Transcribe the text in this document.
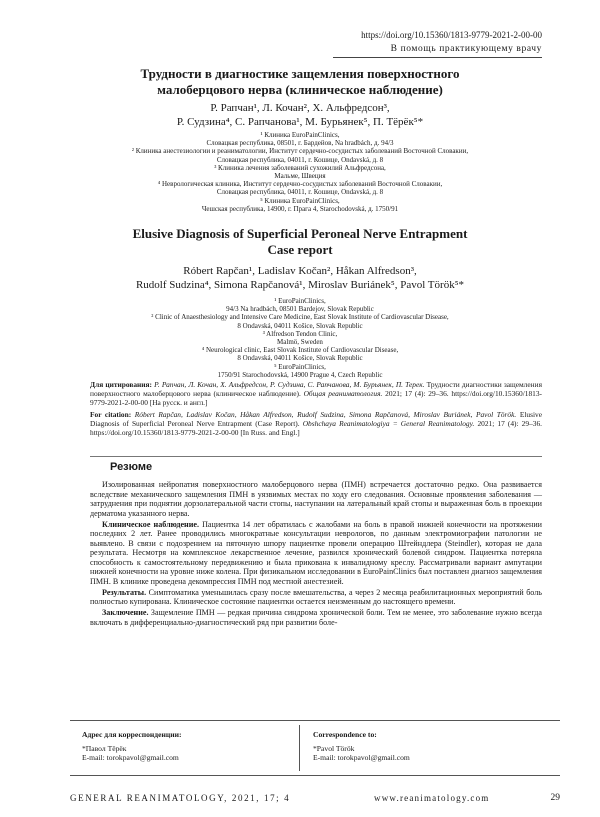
https://doi.org/10.15360/1813-9779-2021-2-00-00
В помощь практикующему врачу
Трудности в диагностике защемления поверхностного
малоберцового нерва (клиническое наблюдение)
Р. Рапчан¹, Л. Кочан², Х. Альфредсон³,
Р. Судзина⁴, С. Рапчанова¹, М. Бурьянек⁵, П. Тёрёк⁵*
¹ Клиника EuroPainClinics,
Словацкая республика, 08501, г. Бардейов, Na hradbách, д. 94/3
² Клиника анестезиологии и реаниматологии, Институт сердечно-сосудистых заболеваний Восточной Словакии,
Словацкая республика, 04011, г. Кошице, Ondavská, д. 8
³ Клиника лечения заболеваний сухожилий Альфредсона,
Мальме, Швеция
⁴ Неврологическая клиника, Институт сердечно-сосудистых заболеваний Восточной Словакии,
Словацкая республика, 04011, г. Кошице, Ondavská, д. 8
⁵ Клиника EuroPainClinics,
Чешская республика, 14900, г. Прага 4, Starochodovská, д. 1750/91
Elusive Diagnosis of Superficial Peroneal Nerve Entrapment
Case report
Róbert Rapčan¹, Ladislav Kočan², Håkan Alfredson³,
Rudolf Sudzina⁴, Simona Rapčanová¹, Miroslav Buriánek⁵, Pavol Török⁵*
¹ EuroPainClinics,
94/3 Na hradbách, 08501 Bardejov, Slovak Republic
² Clinic of Anaesthesiology and Intensive Care Medicine, East Slovak Institute of Cardiovascular Disease,
8 Ondavská, 04011 Košice, Slovak Republic
³ Alfredson Tendon Clinic,
Malmö, Sweden
⁴ Neurological clinic, East Slovak Institute of Cardiovascular Disease,
8 Ondavská, 04011 Košice, Slovak Republic
⁵ EuroPainClinics,
1750/91 Starochodovská, 14900 Prague 4, Czech Republic
Для цитирования: Р. Рапчан, Л. Кочан, Х. Альфредсон, Р. Судзина, С. Рапчанова, М. Бурьянек, П. Терек. Трудности диагностики защемления поверхностного малоберцового нерва (клиническое наблюдение). Общая реаниматология. 2021; 17 (4): 29–36. https://doi.org/10.15360/1813-9779-2021-2-00-00 [На русск. и англ.]
For citation: Róbert Rapčan, Ladislav Kočan, Håkan Alfredson, Rudolf Sudzina, Simona Rapčanová, Miroslav Buriánek, Pavol Török. Elusive Diagnosis of Superficial Peroneal Nerve Entrapment (Case Report). Obshchaya Reanimatologiya = General Reanimatology. 2021; 17 (4): 29–36. https://doi.org/10.15360/1813-9779-2021-2-00-00 [In Russ. and Engl.]
Резюме

Изолированная нейропатия поверхностного малоберцового нерва (ПМН) встречается достаточно редко. Она развивается вследствие механического защемления ПМН в уязвимых местах по ходу его следования. Основные проявления заболевания — затруднения при поднятии дорзолатеральной части стопы, наступании на латеральный край стопы и выраженная боль в проекции дерматома указанного нерва.

Клиническое наблюдение. Пациентка 14 лет обратилась с жалобами на боль в правой нижней конечности на протяжении последних 2 лет. Ранее проводились многократные консультации неврологов, по данным электромиографии патологии не выявлено. В связи с подозрением на пяточную шпору пациентке провели операцию Штейндлера (Steindler), которая не дала результата. Несмотря на комплексное лекарственное лечение, развился хронический болевой синдром. Пациентка потеряла способность к самостоятельному передвижению и была прикована к инвалидному креслу. Рассматривали вариант ампутации нижней конечности на уровне ниже колена. При физикальном исследовании в EuroPainClinics был поставлен диагноз защемления ПМН. В клинике проведена декомпрессия ПМН под местной анестезией.

Результаты. Симптоматика уменьшилась сразу после вмешательства, а через 2 месяца реабилитационных мероприятий боль полностью купирована. Клиническое состояние пациентки остается неизменным до настоящего времени.

Заключение. Защемление ПМН — редкая причина синдрома хронической боли. Тем не менее, это заболевание нужно всегда включать в дифференциально-диагностический ряд при развитии боле-

Адрес для корреспонденции:
*Павол Тёрёк
E-mail: torokpavol@gmail.com
Correspondence to:
*Pavol Török
E-mail: torokpavol@gmail.com
GENERAL REANIMATOLOGY, 2021, 17; 4	www.reanimatology.com	29
